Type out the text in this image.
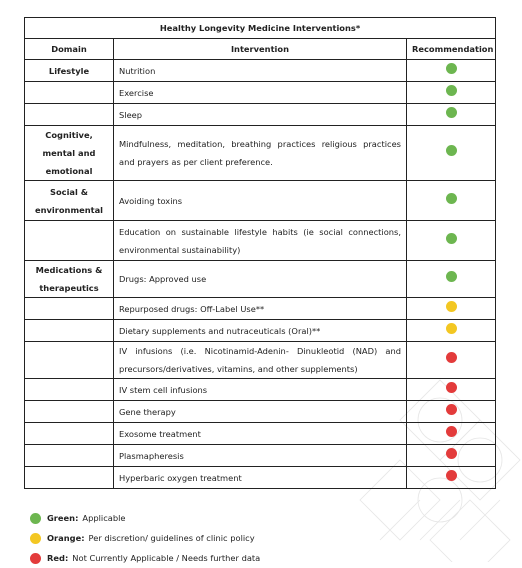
Healthy Longevity Medicine Interventions*		
Domain	Intervention	Recommendation
Lifestyle	Nutrition	
	Exercise	
	Sleep	
Cognitive, mental and emotional	Mindfulness, meditation, breathing practices religious practices and prayers as per client preference.	
Social & environmental	Avoiding toxins	
	Education on sustainable lifestyle habits (ie social connections, environmental sustainability)	
Medications & therapeutics	Drugs: Approved use	
	Repurposed drugs: Off-Label Use**	
	Dietary supplements and nutraceuticals (Oral)**	
	IV infusions (i.e. Nicotinamid-Adenin- Dinukleotid (NAD) and precursors/derivatives, vitamins, and other supplements)	
	IV stem cell infusions	
	Gene therapy	
	Exosome treatment	
	Plasmapheresis	
	Hyperbaric oxygen treatment	
Green: Applicable
Orange: Per discretion/ guidelines of clinic policy
Red: Not Currently Applicable / Needs further data
